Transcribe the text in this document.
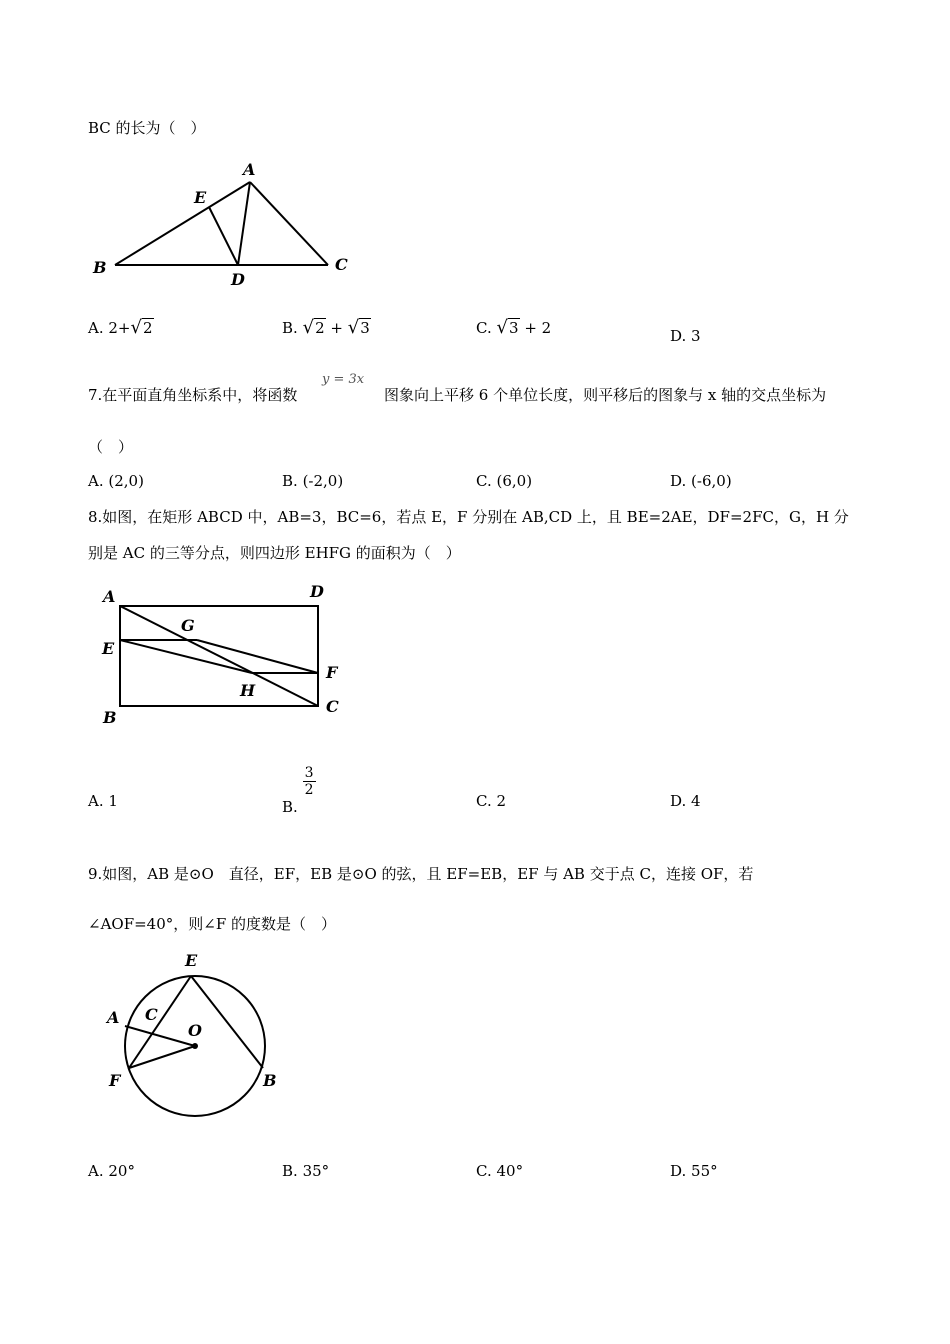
BC 的长为（　）
A
E
B
D
C
A. 2+√2	B. √2 + √3	C. √3 + 2	D. 3
y = 3x
7.在平面直角坐标系中，将函数	图象向上平移 6 个单位长度，则平移后的图象与 x 轴的交点坐标为
（　）
A. (2,0)	B. (-2,0)	C. (6,0)	D. (-6,0)
8.如图，在矩形 ABCD 中，AB=3，BC=6，若点 E，F 分别在 AB,CD 上，且 BE=2AE，DF=2FC，G，H 分
别是 AC 的三等分点，则四边形 EHFG 的面积为（　）
A	D
G
E
F
H
C
B
A. 1	B.
$\frac{3}{2}$
C. 2	D. 4
9.如图，AB 是⊙O　直径，EF，EB 是⊙O 的弦，且 EF=EB，EF 与 AB 交于点 C，连接 OF，若
∠AOF=40°，则∠F 的度数是（　）
E
A C
O
F	B
A. 20°	B. 35°	C. 40°	D. 55°
